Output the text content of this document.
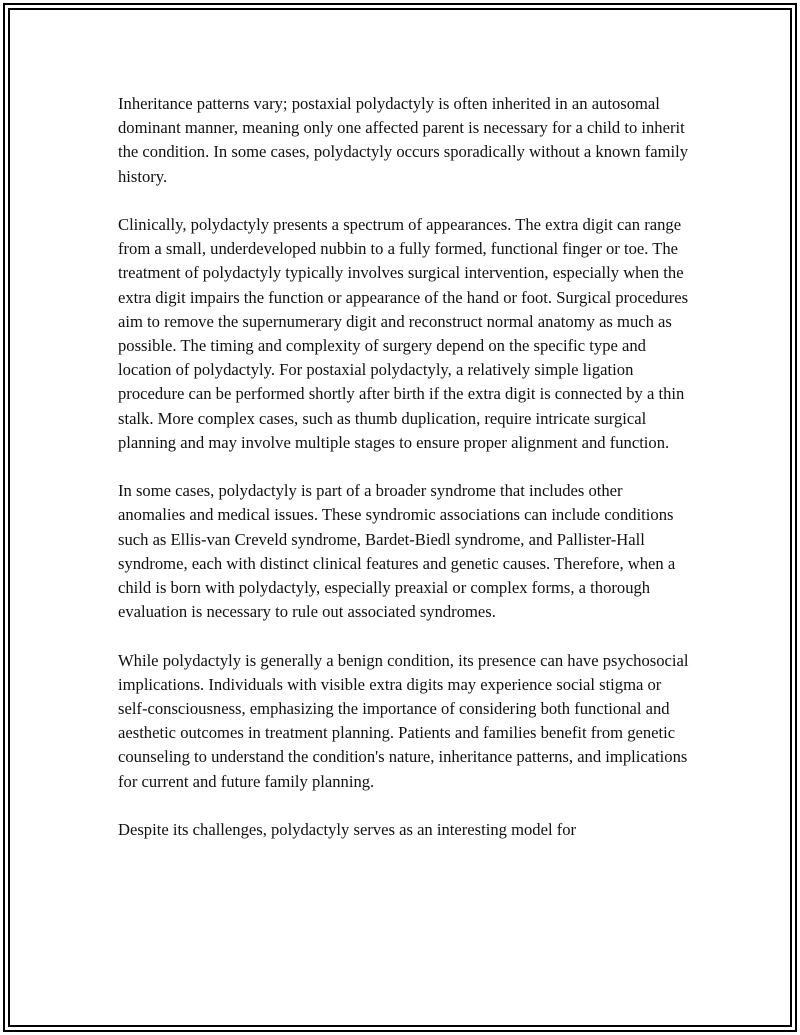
Inheritance patterns vary; postaxial polydactyly is often inherited in an autosomal dominant manner, meaning only one affected parent is necessary for a child to inherit the condition. In some cases, polydactyly occurs sporadically without a known family history.

Clinically, polydactyly presents a spectrum of appearances. The extra digit can range from a small, underdeveloped nubbin to a fully formed, functional finger or toe. The treatment of polydactyly typically involves surgical intervention, especially when the extra digit impairs the function or appearance of the hand or foot. Surgical procedures aim to remove the supernumerary digit and reconstruct normal anatomy as much as possible. The timing and complexity of surgery depend on the specific type and location of polydactyly. For postaxial polydactyly, a relatively simple ligation procedure can be performed shortly after birth if the extra digit is connected by a thin stalk. More complex cases, such as thumb duplication, require intricate surgical planning and may involve multiple stages to ensure proper alignment and function.

In some cases, polydactyly is part of a broader syndrome that includes other anomalies and medical issues. These syndromic associations can include conditions such as Ellis-van Creveld syndrome, Bardet-Biedl syndrome, and Pallister-Hall syndrome, each with distinct clinical features and genetic causes. Therefore, when a child is born with polydactyly, especially preaxial or complex forms, a thorough evaluation is necessary to rule out associated syndromes.

While polydactyly is generally a benign condition, its presence can have psychosocial implications. Individuals with visible extra digits may experience social stigma or self-consciousness, emphasizing the importance of considering both functional and aesthetic outcomes in treatment planning. Patients and families benefit from genetic counseling to understand the condition's nature, inheritance patterns, and implications for current and future family planning.

Despite its challenges, polydactyly serves as an interesting model for
